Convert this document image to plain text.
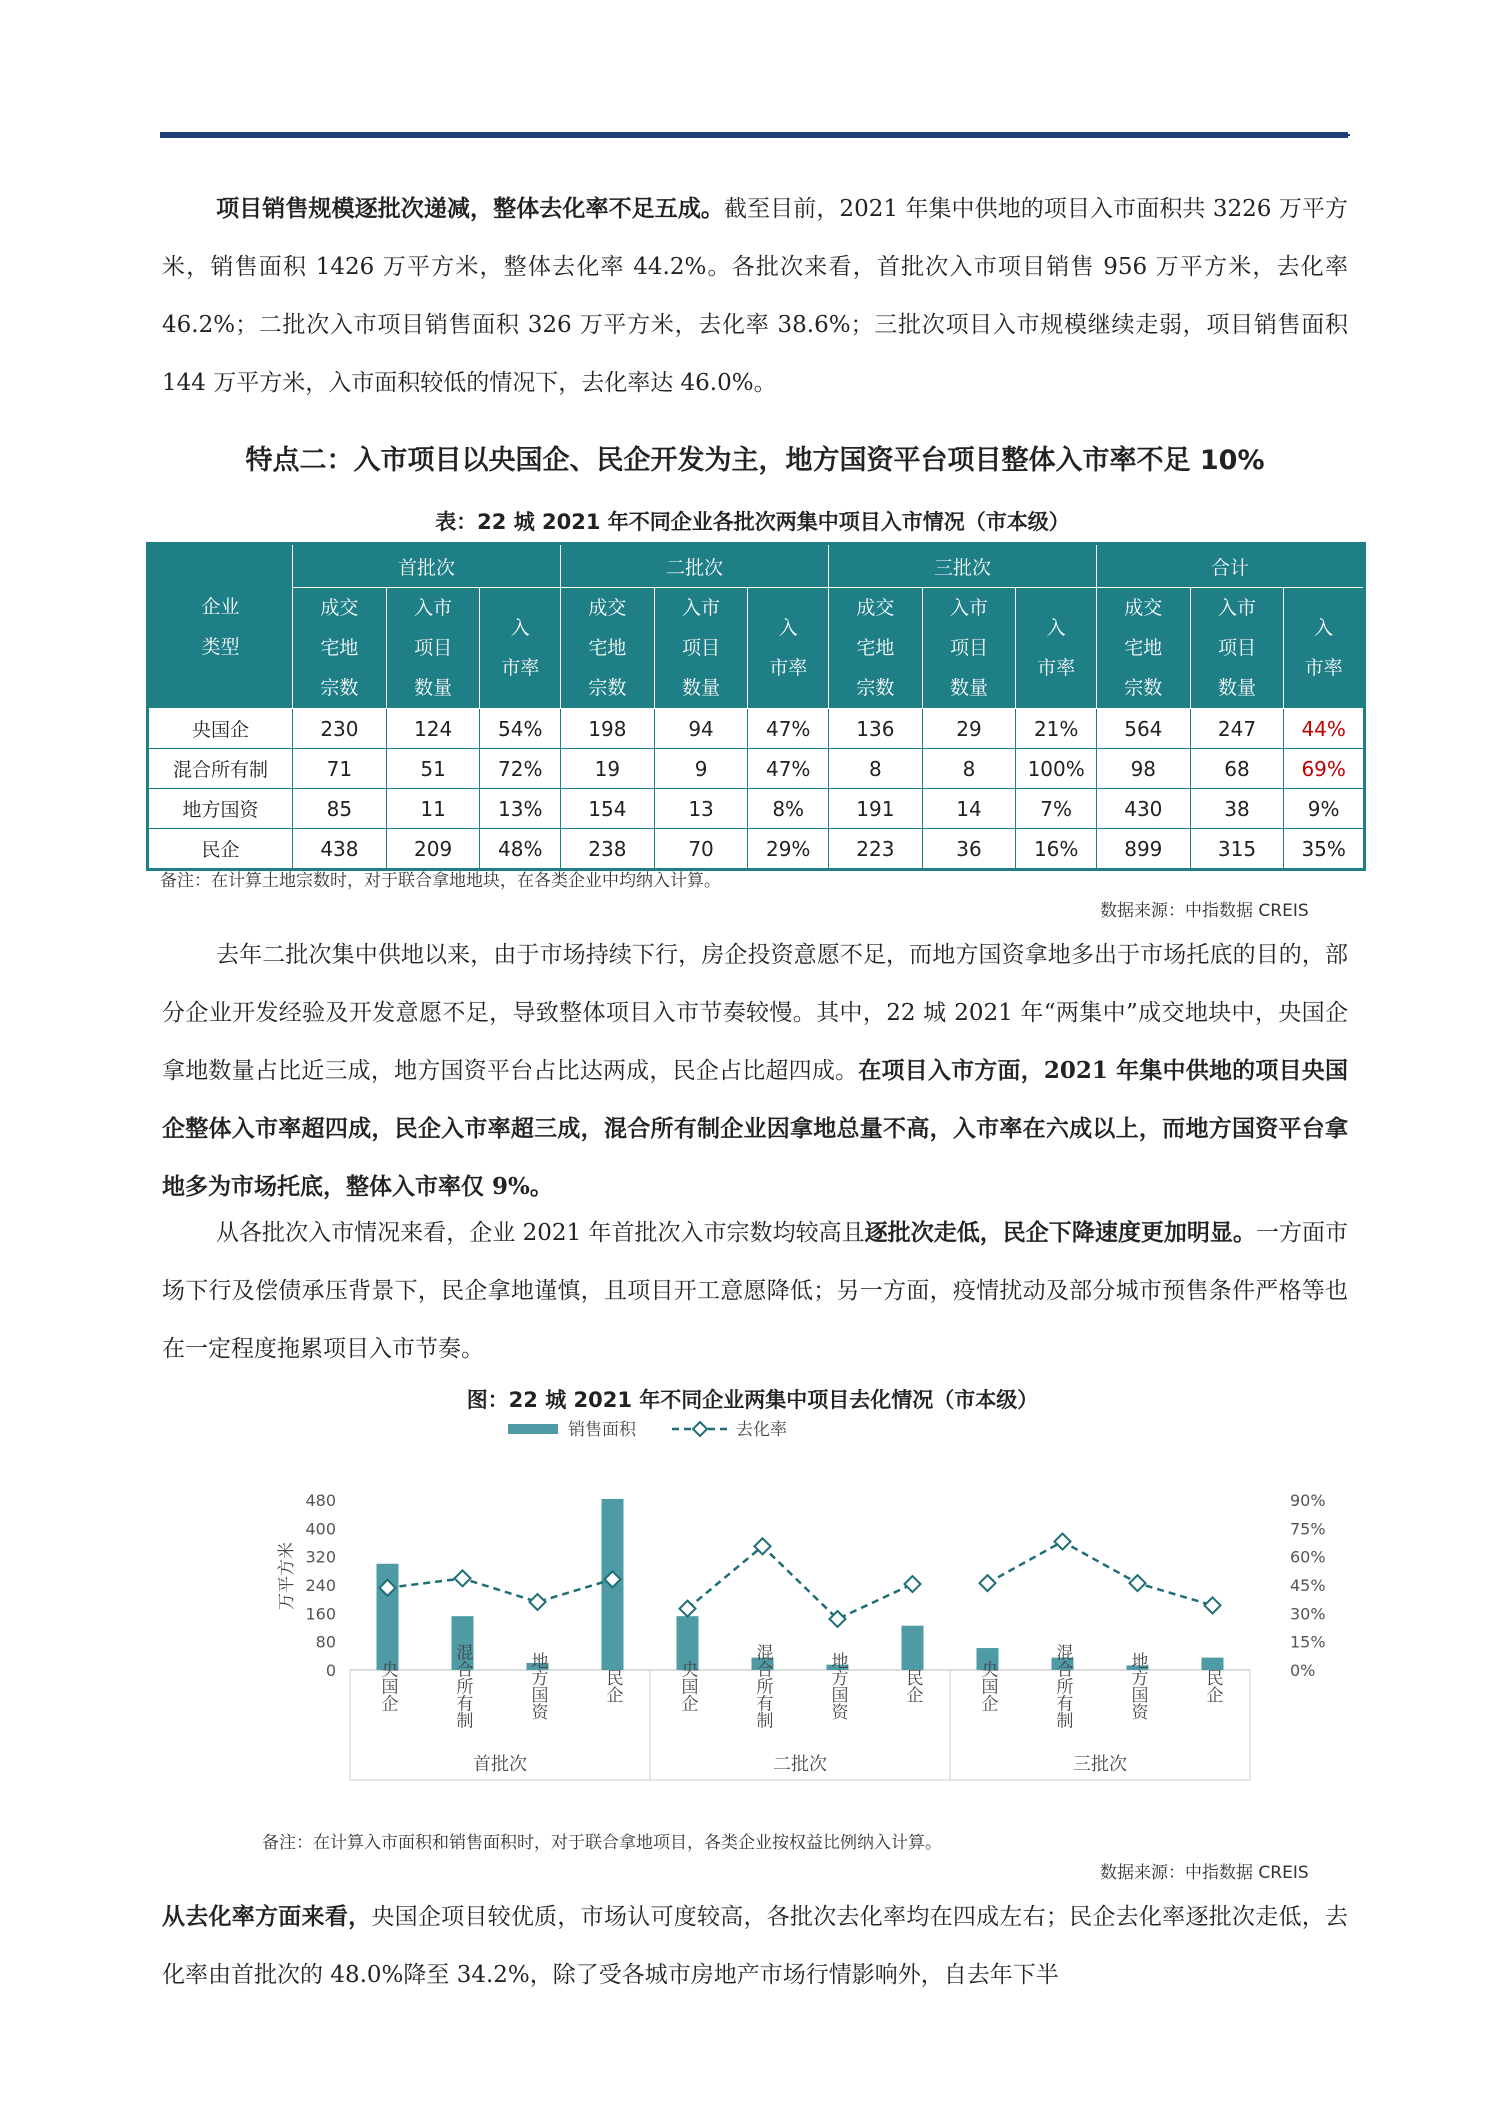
项目销售规模逐批次递减，整体去化率不足五成。截至目前，2021 年集中供地的项目入市面积共 3226 万平方米，销售面积 1426 万平方米，整体去化率 44.2%。各批次来看，首批次入市项目销售 956 万平方米，去化率 46.2%；二批次入市项目销售面积 326 万平方米，去化率 38.6%；三批次项目入市规模继续走弱，项目销售面积 144 万平方米，入市面积较低的情况下，去化率达 46.0%。

特点二：入市项目以央国企、民企开发为主，地方国资平台项目整体入市率不足 10%
表：22 城 2021 年不同企业各批次两集中项目入市情况（市本级）
企业
类型	首批次			二批次			三批次			合计		
	成交
宅地
宗数	入市
项目
数量	入
市率	成交
宅地
宗数	入市
项目
数量	入
市率	成交
宅地
宗数	入市
项目
数量	入
市率	成交
宅地
宗数	入市
项目
数量	入
市率
央国企	230	124	54%	198	94	47%	136	29	21%	564	247	44%
混合所有制	71	51	72%	19	9	47%	8	8	100%	98	68	69%
地方国资	85	11	13%	154	13	8%	191	14	7%	430	38	9%
民企	438	209	48%	238	70	29%	223	36	16%	899	315	35%
备注：在计算土地宗数时，对于联合拿地地块，在各类企业中均纳入计算。
数据来源：中指数据 CREIS

去年二批次集中供地以来，由于市场持续下行，房企投资意愿不足，而地方国资拿地多出于市场托底的目的，部分企业开发经验及开发意愿不足，导致整体项目入市节奏较慢。其中，22 城 2021 年“两集中”成交地块中，央国企拿地数量占比近三成，地方国资平台占比达两成，民企占比超四成。在项目入市方面，2021 年集中供地的项目央国企整体入市率超四成，民企入市率超三成，混合所有制企业因拿地总量不高，入市率在六成以上，而地方国资平台拿地多为市场托底，整体入市率仅 9%。

从各批次入市情况来看，企业 2021 年首批次入市宗数均较高且逐批次走低，民企下降速度更加明显。一方面市场下行及偿债承压背景下，民企拿地谨慎，且项目开工意愿降低；另一方面，疫情扰动及部分城市预售条件严格等也在一定程度拖累项目入市节奏。

图：22 城 2021 年不同企业两集中项目去化情况（市本级）
0
80
160
240
320
400
480
0%
15%
30%
45%
60%
75%
90%
万平方米
央国企	混合所有制	地方国资	民企	央国企	混合所有制	地方国资	民企	央国企	混合所有制	地方国资	民企
首批次	二批次	三批次
销售面积	去化率
备注：在计算入市面积和销售面积时，对于联合拿地项目，各类企业按权益比例纳入计算。
数据来源：中指数据 CREIS

从去化率方面来看，央国企项目较优质，市场认可度较高，各批次去化率均在四成左右；民企去化率逐批次走低，去化率由首批次的 48.0%降至 34.2%，除了受各城市房地产市场行情影响外，自去年下半
